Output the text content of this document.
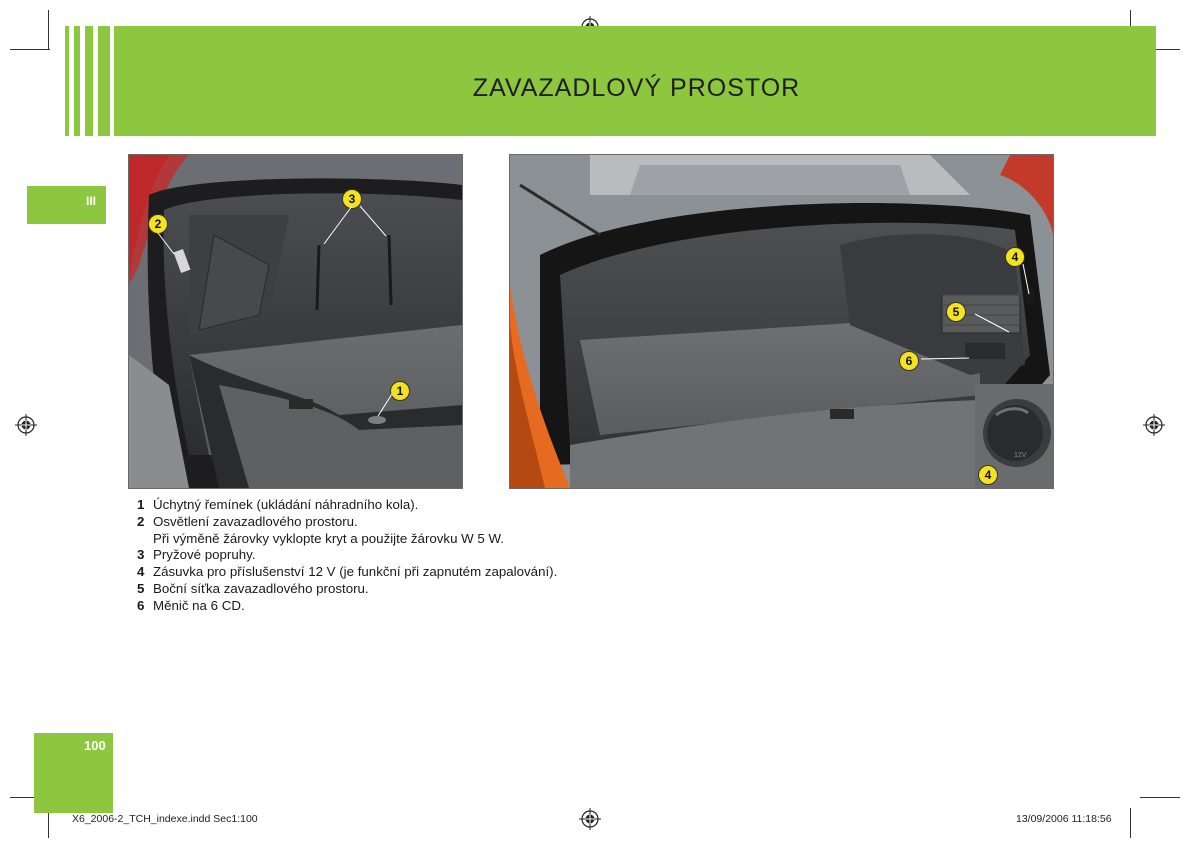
ZAVAZADLOVÝ PROSTOR
III
2
3
1
4
5
6
12V
4
1 Úchytný řemínek (ukládání náhradního kola).
2 Osvětlení zavazadlového prostoru.
Při výměně žárovky vyklopte kryt a použijte žárovku W 5 W.
3 Pryžové popruhy.
4 Zásuvka pro příslušenství 12 V (je funkční při zapnutém zapalování).
5 Boční síťka zavazadlového prostoru.
6 Měnič na 6 CD.
100
X6_2006-2_TCH_indexe.indd Sec1:100	13/09/2006 11:18:56
